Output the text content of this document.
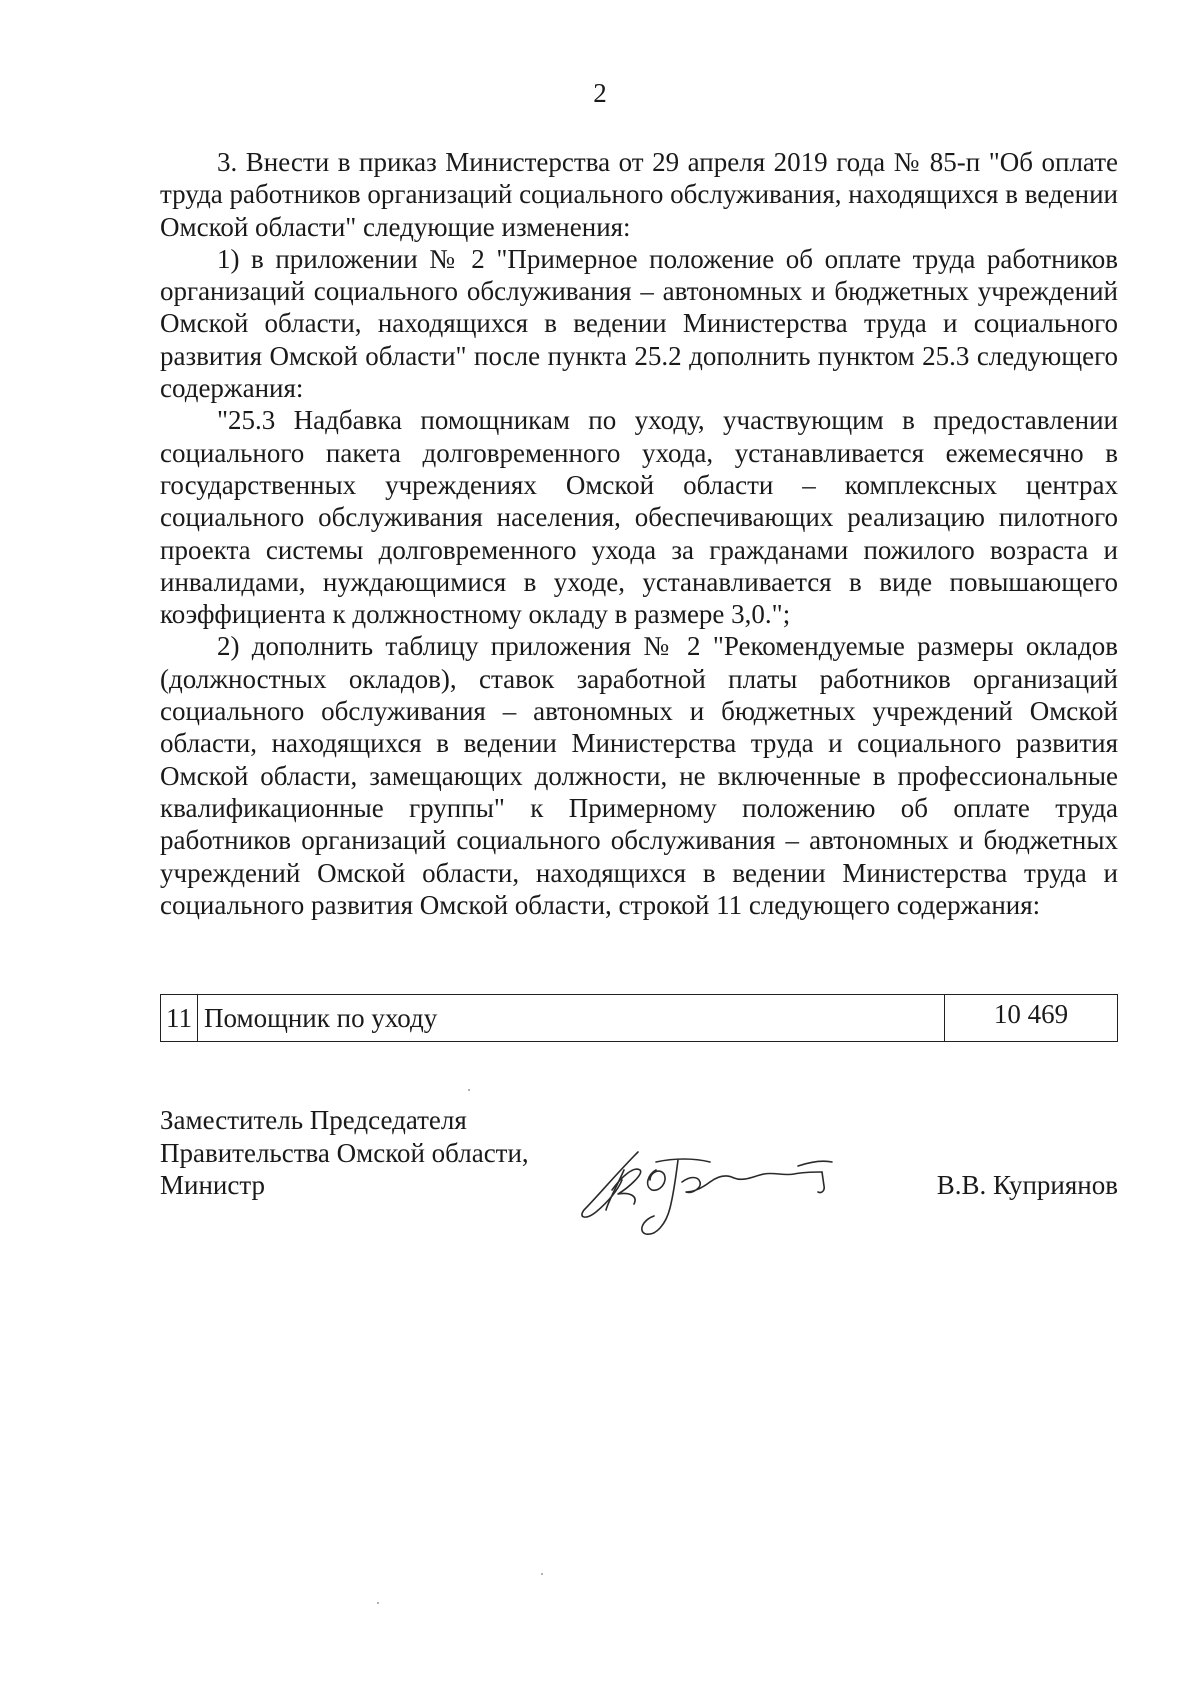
2

3. Внести в приказ Министерства от 29 апреля 2019 года № 85-п "Об оплате труда работников организаций социального обслуживания, находящихся в ведении Омской области" следующие изменения:

1) в приложении № 2 "Примерное положение об оплате труда работников организаций социального обслуживания – автономных и бюджетных учреждений Омской области, находящихся в ведении Министерства труда и социального развития Омской области" после пункта 25.2 дополнить пунктом 25.3 следующего содержания:

"25.3 Надбавка помощникам по уходу, участвующим в предоставлении социального пакета долговременного ухода, устанавливается ежемесячно в государственных учреждениях Омской области – комплексных центрах социального обслуживания населения, обеспечивающих реализацию пилотного проекта системы долговременного ухода за гражданами пожилого возраста и инвалидами, нуждающимися в уходе, устанавливается в виде повышающего коэффициента к должностному окладу в размере 3,0.";

2) дополнить таблицу приложения № 2 "Рекомендуемые размеры окладов (должностных окладов), ставок заработной платы работников организаций социального обслуживания – автономных и бюджетных учреждений Омской области, находящихся в ведении Министерства труда и социального развития Омской области, замещающих должности, не включенные в профессиональные квалификационные группы" к Примерному положению об оплате труда работников организаций социального обслуживания – автономных и бюджетных учреждений Омской области, находящихся в ведении Министерства труда и социального развития Омской области, строкой 11 следующего содержания:

11	Помощник по уходу	10 469
Заместитель Председателя
Правительства Омской области,
Министр	В.В. Куприянов
